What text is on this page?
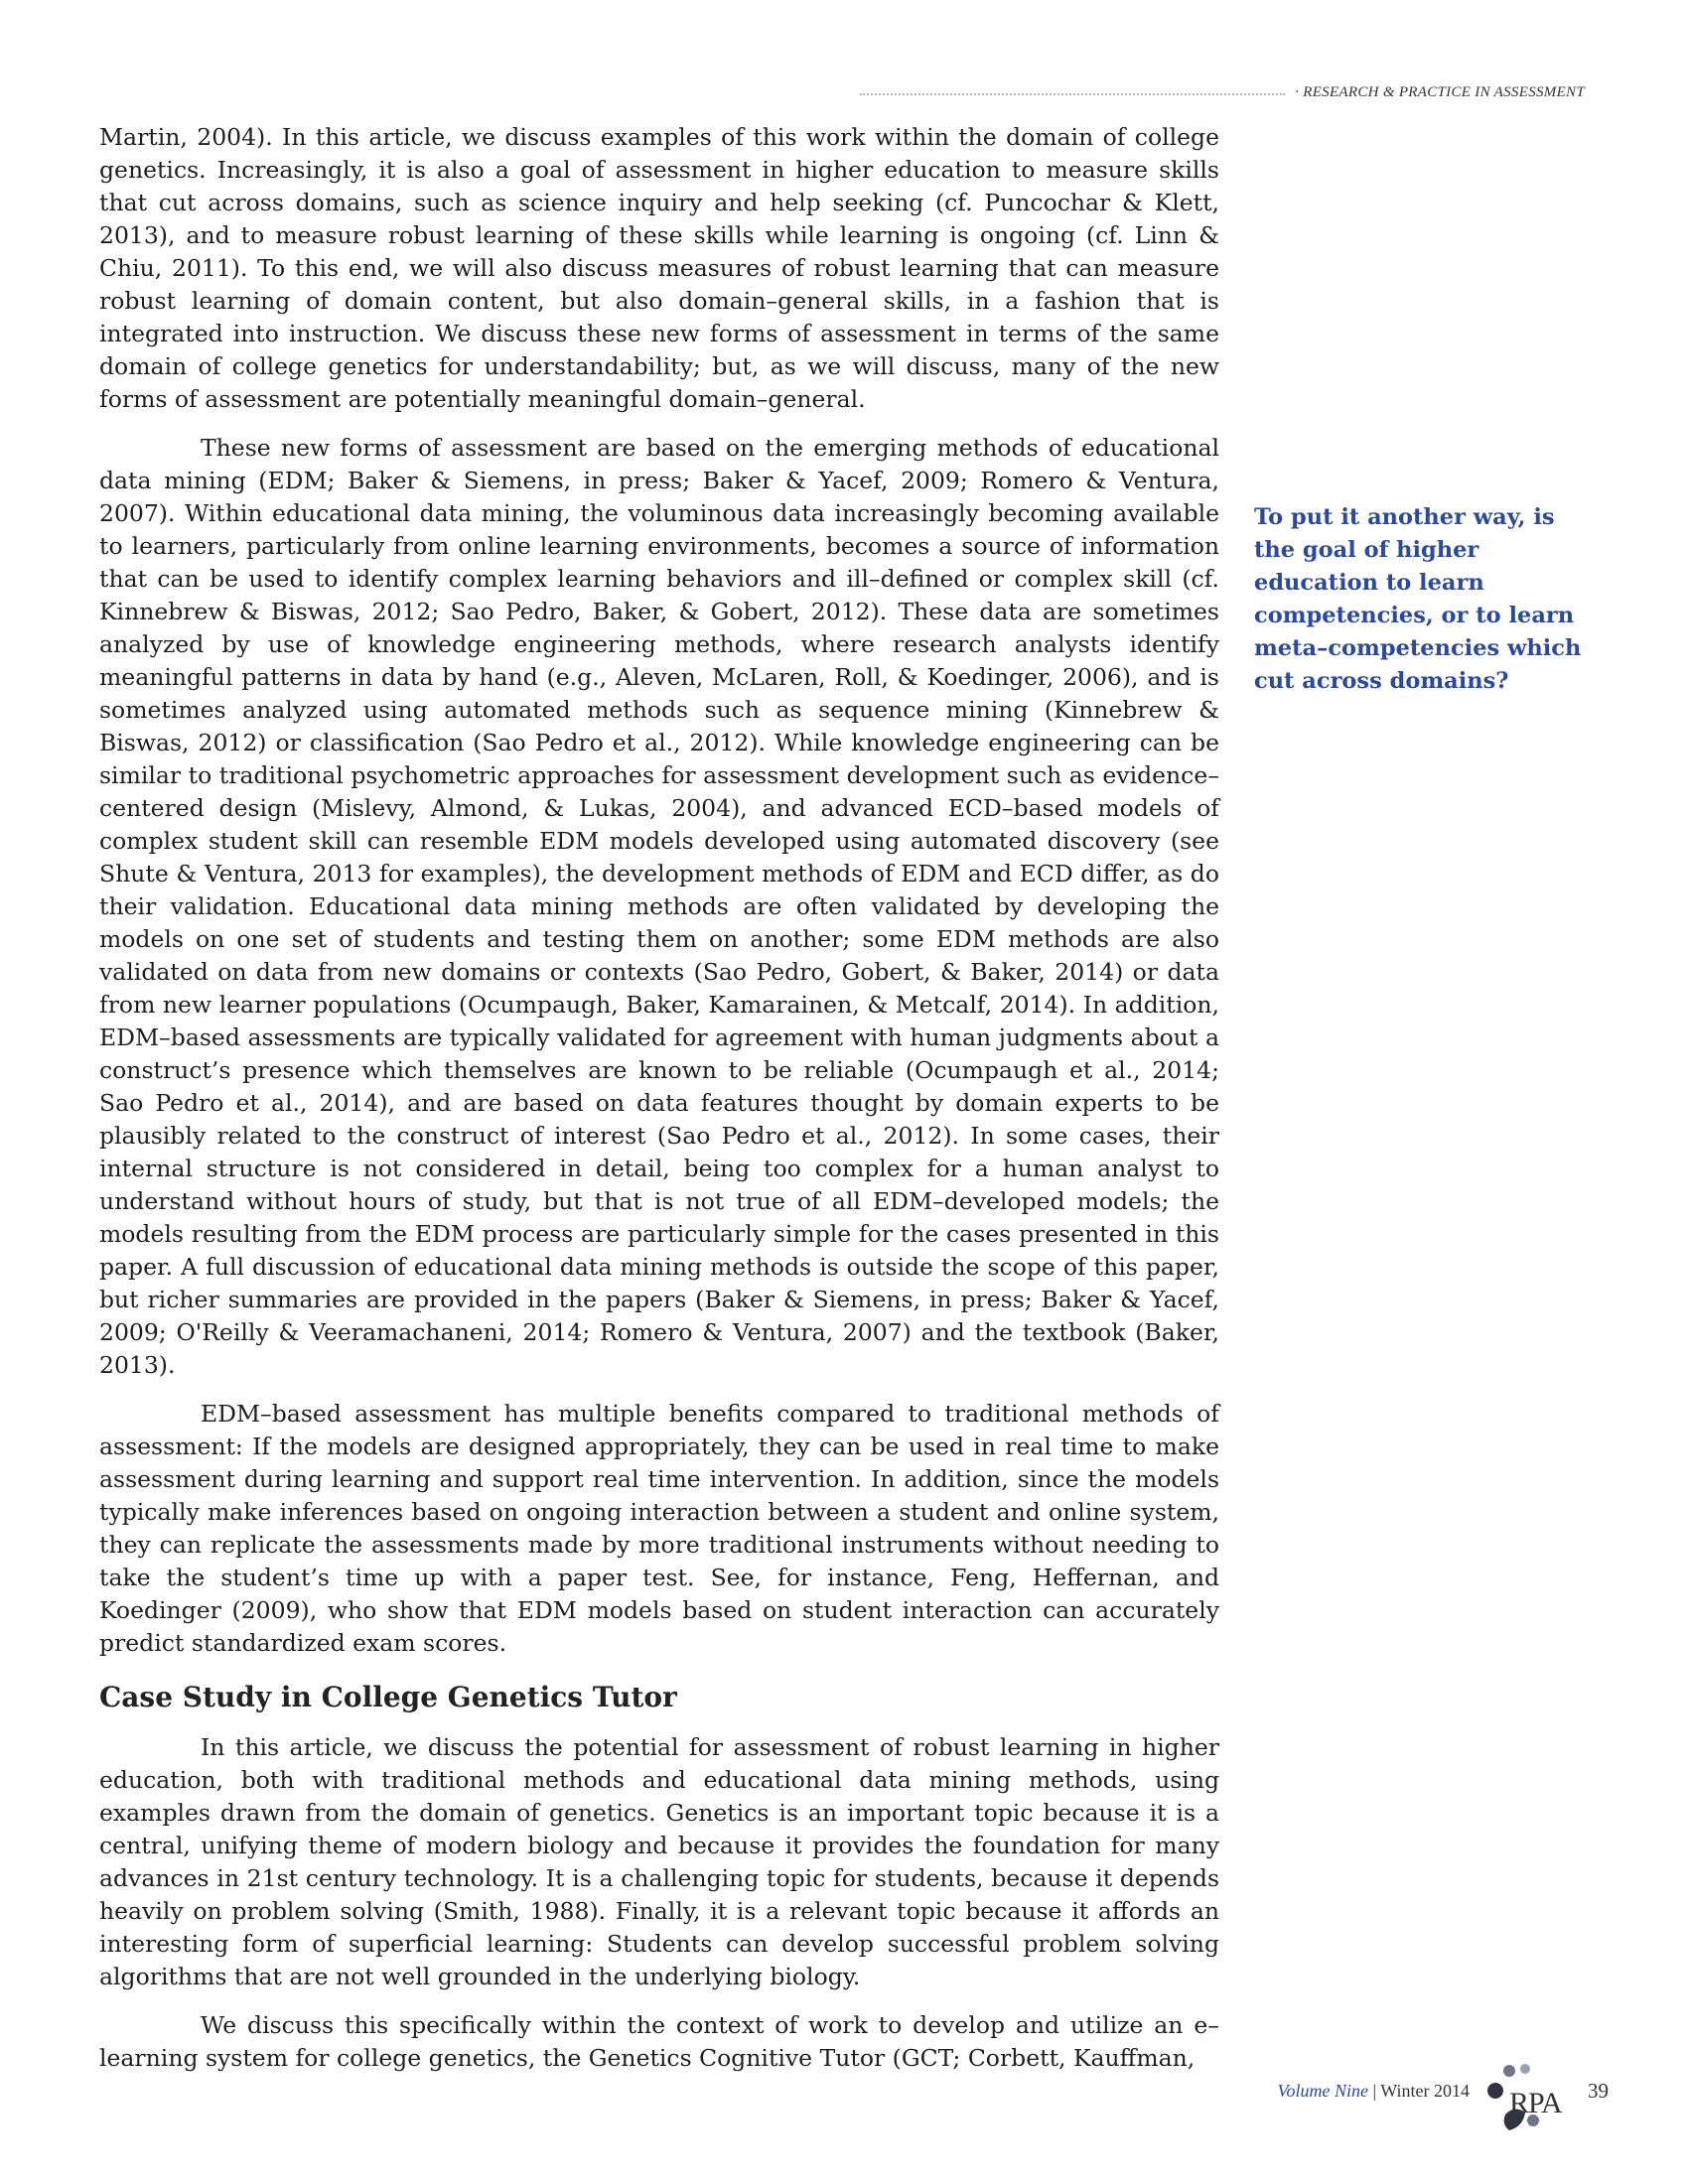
· RESEARCH & PRACTICE IN ASSESSMENT

Martin, 2004). In this article, we discuss examples of this work within the domain of college genetics. Increasingly, it is also a goal of assessment in higher education to measure skills that cut across domains, such as science inquiry and help seeking (cf. Puncochar & Klett, 2013), and to measure robust learning of these skills while learning is ongoing (cf. Linn & Chiu, 2011). To this end, we will also discuss measures of robust learning that can measure robust learning of domain content, but also domain–general skills, in a fashion that is integrated into instruction. We discuss these new forms of assessment in terms of the same domain of college genetics for understandability; but, as we will discuss, many of the new forms of assessment are potentially meaningful domain–general.

These new forms of assessment are based on the emerging methods of educational data mining (EDM; Baker & Siemens, in press; Baker & Yacef, 2009; Romero & Ventura, 2007). Within educational data mining, the voluminous data increasingly becoming available to learners, particularly from online learning environments, becomes a source of information that can be used to identify complex learning behaviors and ill–defined or complex skill (cf. Kinnebrew & Biswas, 2012; Sao Pedro, Baker, & Gobert, 2012). These data are sometimes analyzed by use of knowledge engineering methods, where research analysts identify meaningful patterns in data by hand (e.g., Aleven, McLaren, Roll, & Koedinger, 2006), and is sometimes analyzed using automated methods such as sequence mining (Kinnebrew & Biswas, 2012) or classification (Sao Pedro et al., 2012). While knowledge engineering can be similar to traditional psychometric approaches for assessment development such as evidence–centered design (Mislevy, Almond, & Lukas, 2004), and advanced ECD–based models of complex student skill can resemble EDM models developed using automated discovery (see Shute & Ventura, 2013 for examples), the development methods of EDM and ECD differ, as do their validation. Educational data mining methods are often validated by developing the models on one set of students and testing them on another; some EDM methods are also validated on data from new domains or contexts (Sao Pedro, Gobert, & Baker, 2014) or data from new learner populations (Ocumpaugh, Baker, Kamarainen, & Metcalf, 2014). In addition, EDM–based assessments are typically validated for agreement with human judgments about a construct’s presence which themselves are known to be reliable (Ocumpaugh et al., 2014; Sao Pedro et al., 2014), and are based on data features thought by domain experts to be plausibly related to the construct of interest (Sao Pedro et al., 2012). In some cases, their internal structure is not considered in detail, being too complex for a human analyst to understand without hours of study, but that is not true of all EDM–developed models; the models resulting from the EDM process are particularly simple for the cases presented in this paper. A full discussion of educational data mining methods is outside the scope of this paper, but richer summaries are provided in the papers (Baker & Siemens, in press; Baker & Yacef, 2009; O'Reilly & Veeramachaneni, 2014; Romero & Ventura, 2007) and the textbook (Baker, 2013).

EDM–based assessment has multiple benefits compared to traditional methods of assessment: If the models are designed appropriately, they can be used in real time to make assessment during learning and support real time intervention. In addition, since the models typically make inferences based on ongoing interaction between a student and online system, they can replicate the assessments made by more traditional instruments without needing to take the student’s time up with a paper test. See, for instance, Feng, Heffernan, and Koedinger (2009), who show that EDM models based on student interaction can accurately predict standardized exam scores.

Case Study in College Genetics Tutor

In this article, we discuss the potential for assessment of robust learning in higher education, both with traditional methods and educational data mining methods, using examples drawn from the domain of genetics. Genetics is an important topic because it is a central, unifying theme of modern biology and because it provides the foundation for many advances in 21st century technology. It is a challenging topic for students, because it depends heavily on problem solving (Smith, 1988). Finally, it is a relevant topic because it affords an interesting form of superficial learning: Students can develop successful problem solving algorithms that are not well grounded in the underlying biology.

We discuss this specifically within the context of work to develop and utilize an e–learning system for college genetics, the Genetics Cognitive Tutor (GCT; Corbett, Kauffman,

To put it another way, is the goal of higher education to learn competencies, or to learn meta–competencies which cut across domains?
Volume Nine | Winter 2014 RPA 39
